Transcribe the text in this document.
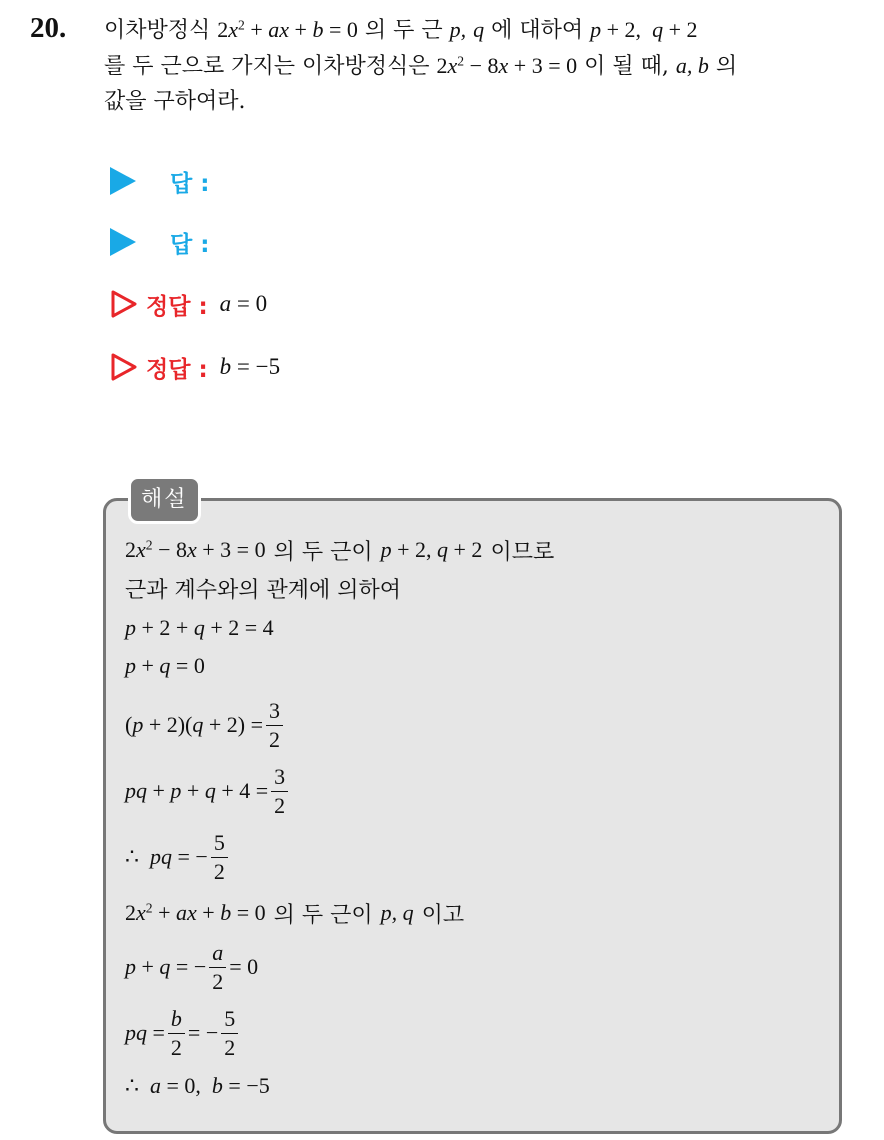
20. 이차방정식 $2x^2$ + ax + b = 0 의 두 근 p, q 에 대하여 p + 2,  q + 2
를 두 근으로 가지는 이차방정식은 $2x^2 - 8x + 3 = 0$ 이 될 때, a, b 의
값을 구하여라.
답 :
답 :
정답 : a = 0
정답 : b = −5
해설
$2x^2 - 8x + 3 = 0$ 의 두 근이 p + 2, q + 2 이므로
근과 계수와의 관계에 의하여
p + 2 + q + 2 = 4
p + q = 0
$(p + 2)(q + 2) = \frac{3}{2}$
pq + $p + q + 4 = \frac{3}{2}$
∴  pq = − $\frac{5}{2}$
$2x^2$ + ax + b = 0 의 두 근이 p, q 이고
p + q = − $\frac{a}{2} = 0$
pq = $\frac{b}{2}$ = − $\frac{5}{2}$
∴ a = 0, b = −5
